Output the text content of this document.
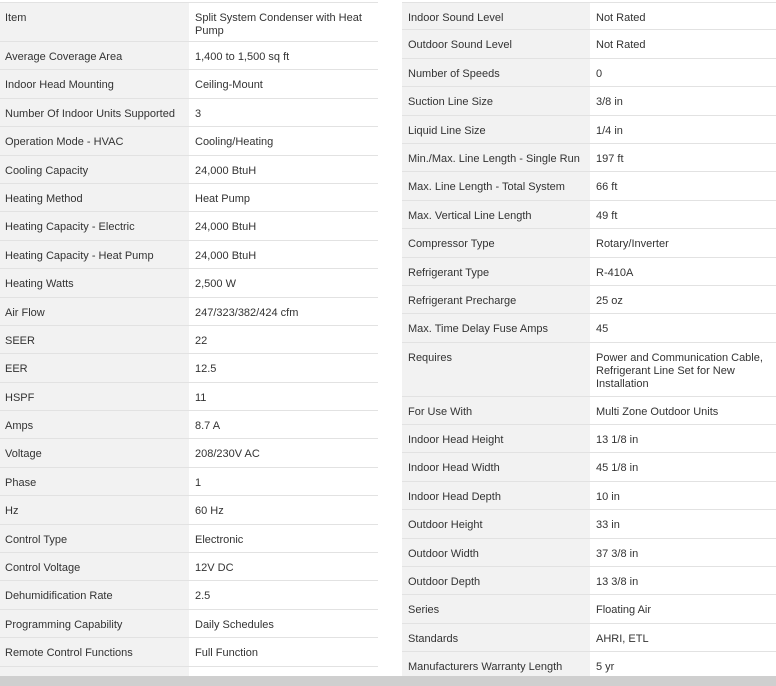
Item	Split System Condenser with Heat Pump
Average Coverage Area	1,400 to 1,500 sq ft
Indoor Head Mounting	Ceiling-Mount
Number Of Indoor Units Supported	3
Operation Mode - HVAC	Cooling/Heating
Cooling Capacity	24,000 BtuH
Heating Method	Heat Pump
Heating Capacity - Electric	24,000 BtuH
Heating Capacity - Heat Pump	24,000 BtuH
Heating Watts	2,500 W
Air Flow	247/323/382/424 cfm
SEER	22
EER	12.5
HSPF	11
Amps	8.7 A
Voltage	208/230V AC
Phase	1
Hz	60 Hz
Control Type	Electronic
Control Voltage	12V DC
Dehumidification Rate	2.5
Programming Capability	Daily Schedules
Remote Control Functions	Full Function
Indoor Sound Level	Not Rated
Outdoor Sound Level	Not Rated
Number of Speeds	0
Suction Line Size	3/8 in
Liquid Line Size	1/4 in
Min./Max. Line Length - Single Run	197 ft
Max. Line Length - Total System	66 ft
Max. Vertical Line Length	49 ft
Compressor Type	Rotary/Inverter
Refrigerant Type	R-410A
Refrigerant Precharge	25 oz
Max. Time Delay Fuse Amps	45
Requires	Power and Communication Cable, Refrigerant Line Set for New Installation
For Use With	Multi Zone Outdoor Units
Indoor Head Height	13 1/8 in
Indoor Head Width	45 1/8 in
Indoor Head Depth	10 in
Outdoor Height	33 in
Outdoor Width	37 3/8 in
Outdoor Depth	13 3/8 in
Series	Floating Air
Standards	AHRI, ETL
Manufacturers Warranty Length	5 yr
